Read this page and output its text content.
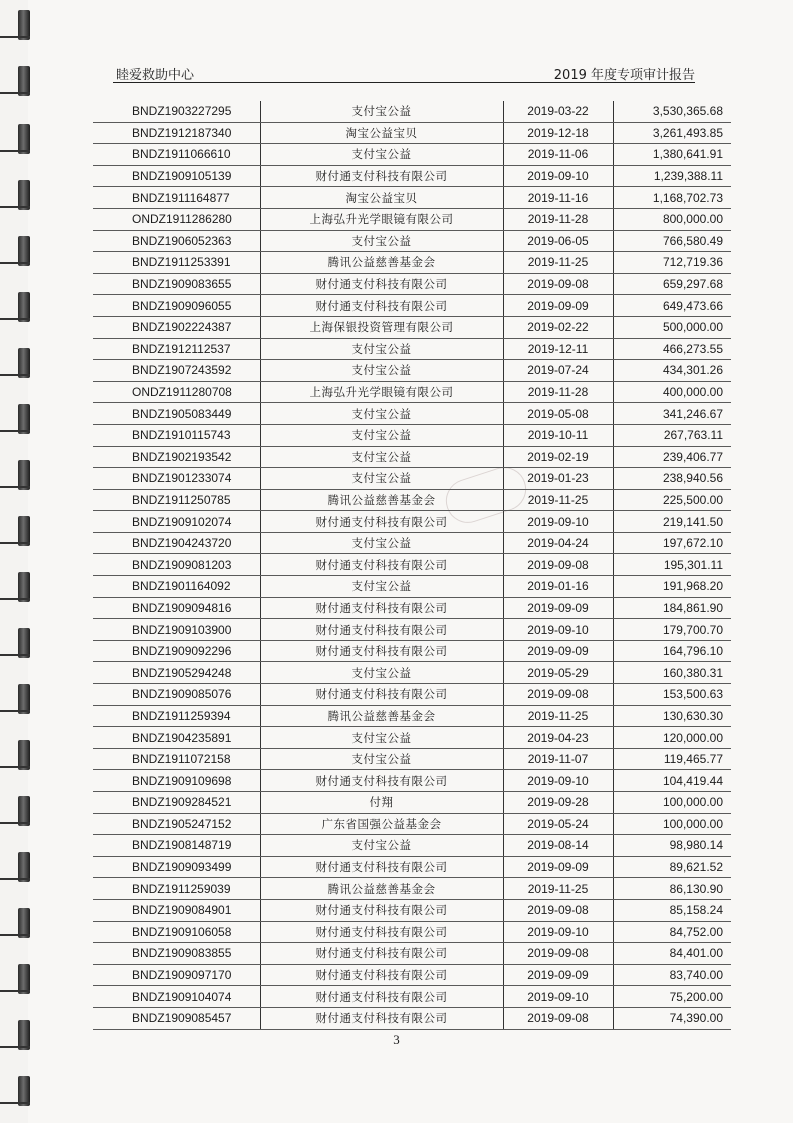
睦爱救助中心	2019 年度专项审计报告
BNDZ1903227295	支付宝公益	2019-03-22	3,530,365.68
BNDZ1912187340	淘宝公益宝贝	2019-12-18	3,261,493.85
BNDZ1911066610	支付宝公益	2019-11-06	1,380,641.91
BNDZ1909105139	财付通支付科技有限公司	2019-09-10	1,239,388.11
BNDZ1911164877	淘宝公益宝贝	2019-11-16	1,168,702.73
ONDZ1911286280	上海弘升光学眼镜有限公司	2019-11-28	800,000.00
BNDZ1906052363	支付宝公益	2019-06-05	766,580.49
BNDZ1911253391	腾讯公益慈善基金会	2019-11-25	712,719.36
BNDZ1909083655	财付通支付科技有限公司	2019-09-08	659,297.68
BNDZ1909096055	财付通支付科技有限公司	2019-09-09	649,473.66
BNDZ1902224387	上海保银投资管理有限公司	2019-02-22	500,000.00
BNDZ1912112537	支付宝公益	2019-12-11	466,273.55
BNDZ1907243592	支付宝公益	2019-07-24	434,301.26
ONDZ1911280708	上海弘升光学眼镜有限公司	2019-11-28	400,000.00
BNDZ1905083449	支付宝公益	2019-05-08	341,246.67
BNDZ1910115743	支付宝公益	2019-10-11	267,763.11
BNDZ1902193542	支付宝公益	2019-02-19	239,406.77
BNDZ1901233074	支付宝公益	2019-01-23	238,940.56
BNDZ1911250785	腾讯公益慈善基金会	2019-11-25	225,500.00
BNDZ1909102074	财付通支付科技有限公司	2019-09-10	219,141.50
BNDZ1904243720	支付宝公益	2019-04-24	197,672.10
BNDZ1909081203	财付通支付科技有限公司	2019-09-08	195,301.11
BNDZ1901164092	支付宝公益	2019-01-16	191,968.20
BNDZ1909094816	财付通支付科技有限公司	2019-09-09	184,861.90
BNDZ1909103900	财付通支付科技有限公司	2019-09-10	179,700.70
BNDZ1909092296	财付通支付科技有限公司	2019-09-09	164,796.10
BNDZ1905294248	支付宝公益	2019-05-29	160,380.31
BNDZ1909085076	财付通支付科技有限公司	2019-09-08	153,500.63
BNDZ1911259394	腾讯公益慈善基金会	2019-11-25	130,630.30
BNDZ1904235891	支付宝公益	2019-04-23	120,000.00
BNDZ1911072158	支付宝公益	2019-11-07	119,465.77
BNDZ1909109698	财付通支付科技有限公司	2019-09-10	104,419.44
BNDZ1909284521	付翔	2019-09-28	100,000.00
BNDZ1905247152	广东省国强公益基金会	2019-05-24	100,000.00
BNDZ1908148719	支付宝公益	2019-08-14	98,980.14
BNDZ1909093499	财付通支付科技有限公司	2019-09-09	89,621.52
BNDZ1911259039	腾讯公益慈善基金会	2019-11-25	86,130.90
BNDZ1909084901	财付通支付科技有限公司	2019-09-08	85,158.24
BNDZ1909106058	财付通支付科技有限公司	2019-09-10	84,752.00
BNDZ1909083855	财付通支付科技有限公司	2019-09-08	84,401.00
BNDZ1909097170	财付通支付科技有限公司	2019-09-09	83,740.00
BNDZ1909104074	财付通支付科技有限公司	2019-09-10	75,200.00
BNDZ1909085457	财付通支付科技有限公司	2019-09-08	74,390.00
3
